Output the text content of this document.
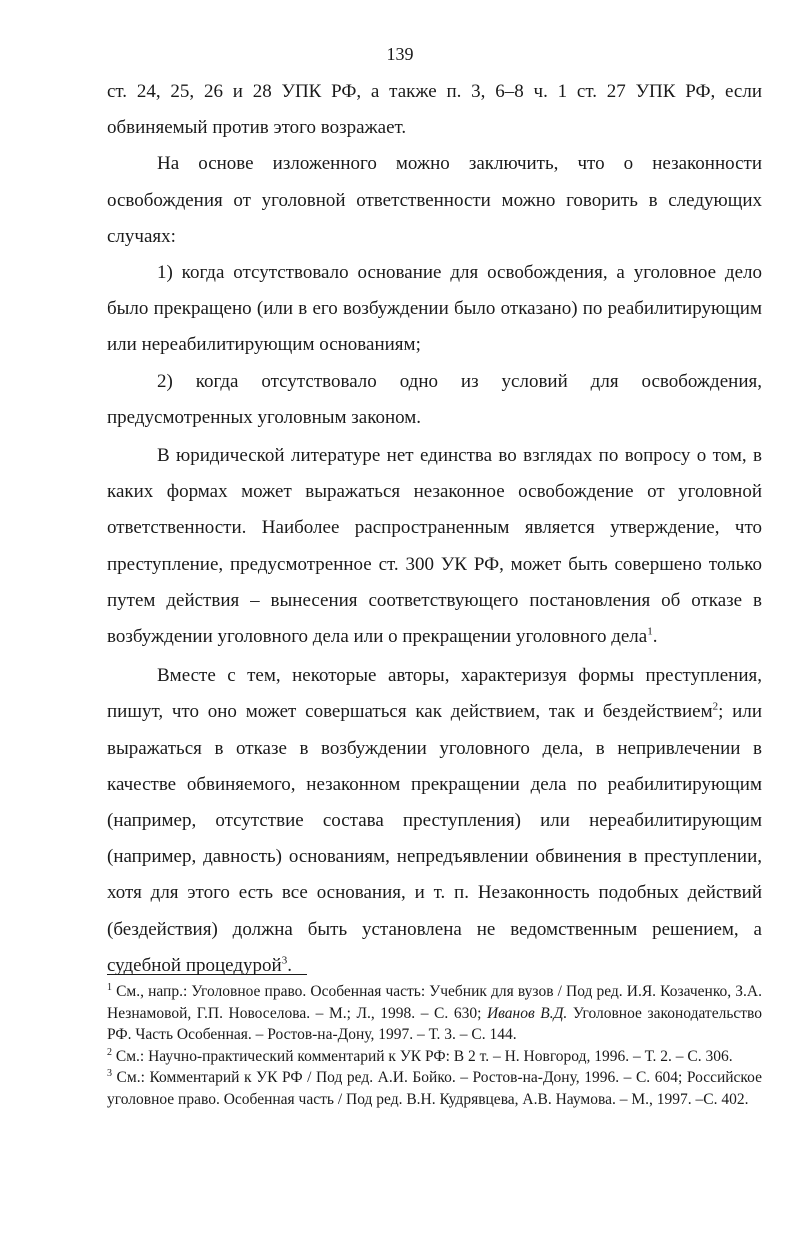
139

ст. 24, 25, 26 и 28 УПК РФ, а также п. 3, 6–8 ч. 1 ст. 27 УПК РФ, если обвиняемый против этого возражает.

На основе изложенного можно заключить, что о незаконности освобождения от уголовной ответственности можно говорить в следующих случаях:

1) когда отсутствовало основание для освобождения, а уголовное дело было прекращено (или в его возбуждении было отказано) по реабилитирующим или нереабилитирующим основаниям;

2) когда отсутствовало одно из условий для освобождения, предусмотренных уголовным законом.

В юридической литературе нет единства во взглядах по вопросу о том, в каких формах может выражаться незаконное освобождение от уголовной ответственности. Наиболее распространенным является утверждение, что преступление, предусмотренное ст. 300 УК РФ, может быть совершено только путем действия – вынесения соответствующего постановления об отказе в возбуждении уголовного дела или о прекращении уголовного дела$^1$.

Вместе с тем, некоторые авторы, характеризуя формы преступления, пишут, что оно может совершаться как действием, так и бездействием$^2$; или выражаться в отказе в возбуждении уголовного дела, в непривлечении в качестве обвиняемого, незаконном прекращении дела по реабилитирующим (например, отсутствие состава преступления) или нереабилитирующим (например, давность) основаниям, непредъявлении обвинения в преступлении, хотя для этого есть все основания, и т. п. Незаконность подобных действий (бездействия) должна быть установлена не ведомственным решением, а судебной процедурой$^3$.

$^1$ См., напр.: Уголовное право. Особенная часть: Учебник для вузов / Под ред. И.Я. Козаченко, З.А. Незнамовой, Г.П. Новоселова. – М.; Л., 1998. – С. 630; Иванов В.Д. Уголовное законодательство РФ. Часть Особенная. – Ростов-на-Дону, 1997. – Т. 3. – С. 144.

$^2$ См.: Научно-практический комментарий к УК РФ: В 2 т. – Н. Новгород, 1996. – Т. 2. – С. 306.

$^3$ См.: Комментарий к УК РФ / Под ред. А.И. Бойко. – Ростов-на-Дону, 1996. – С. 604; Российское уголовное право. Особенная часть / Под ред. В.Н. Кудрявцева, А.В. Наумова. – М., 1997. –С. 402.
